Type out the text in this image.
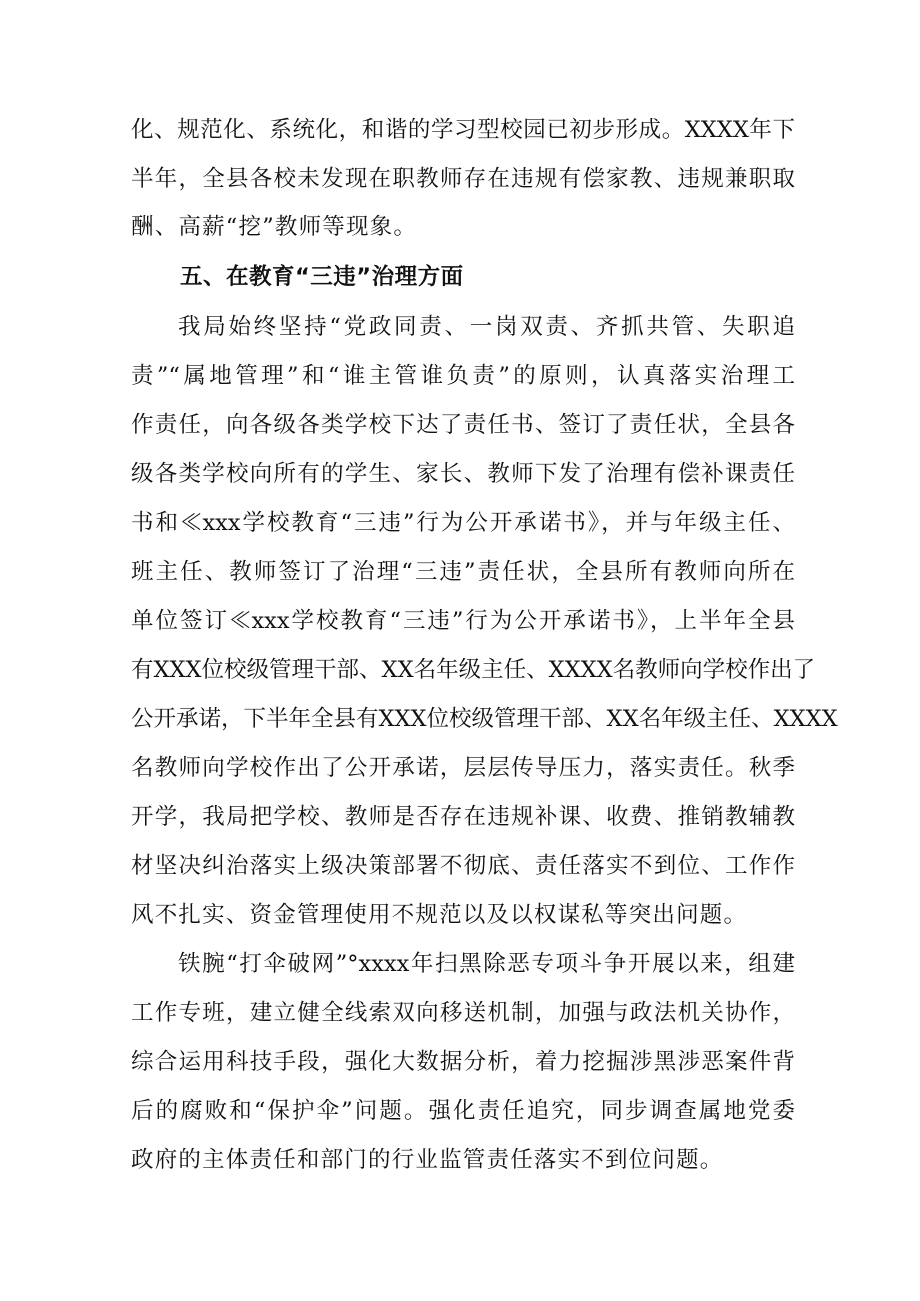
化、规范化、系统化，和谐的学习型校园已初步形成。XXXX年下

半年，全县各校未发现在职教师存在违规有偿家教、违规兼职取

酬、高薪“挖”教师等现象。

五、在教育“三违”治理方面

我局始终坚持“党政同责、一岗双责、齐抓共管、失职追

责”“属地管理”和“谁主管谁负责”的原则，认真落实治理工

作责任，向各级各类学校下达了责任书、签订了责任状，全县各

级各类学校向所有的学生、家长、教师下发了治理有偿补课责任

书和≪xxx学校教育“三违”行为公开承诺书》，并与年级主任、

班主任、教师签订了治理“三违”责任状，全县所有教师向所在

单位签订≪xxx学校教育“三违”行为公开承诺书》，上半年全县

有XXX位校级管理干部、XX名年级主任、XXXX名教师向学校作出了

公开承诺，下半年全县有XXX位校级管理干部、XX名年级主任、XXXX

名教师向学校作出了公开承诺，层层传导压力，落实责任。秋季

开学，我局把学校、教师是否存在违规补课、收费、推销教辅教

材坚决纠治落实上级决策部署不彻底、责任落实不到位、工作作

风不扎实、资金管理使用不规范以及以权谋私等突出问题。

铁腕“打伞破网”°xxxx年扫黑除恶专项斗争开展以来，组建

工作专班，建立健全线索双向移送机制，加强与政法机关协作，

综合运用科技手段，强化大数据分析，着力挖掘涉黑涉恶案件背

后的腐败和“保护伞”问题。强化责任追究，同步调查属地党委

政府的主体责任和部门的行业监管责任落实不到位问题。
